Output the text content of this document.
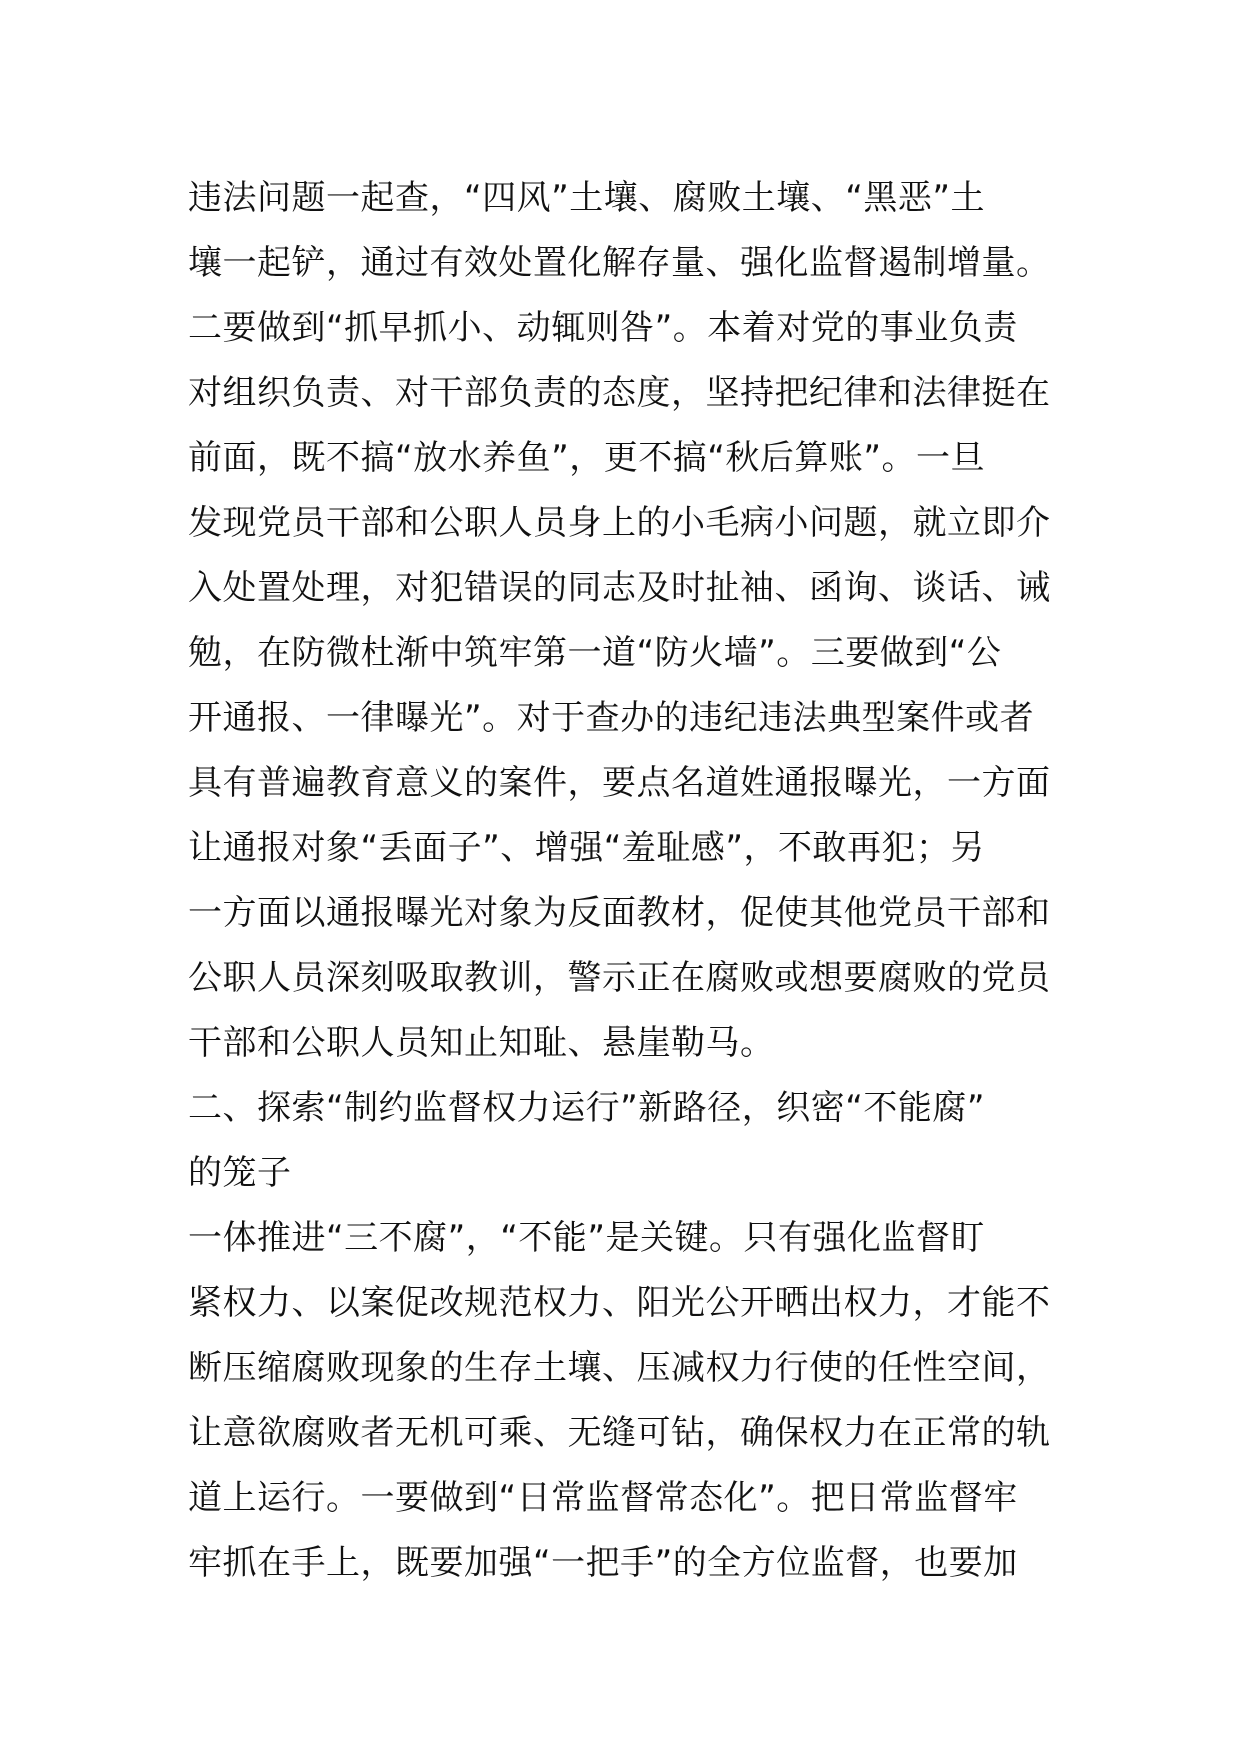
违法问题一起查，“四风”土壤、腐败土壤、“黑恶”土
壤一起铲，通过有效处置化解存量、强化监督遏制增量。
二要做到“抓早抓小、动辄则咎”。本着对党的事业负责
对组织负责、对干部负责的态度，坚持把纪律和法律挺在
前面，既不搞“放水养鱼”，更不搞“秋后算账”。一旦
发现党员干部和公职人员身上的小毛病小问题，就立即介
入处置处理，对犯错误的同志及时扯袖、函询、谈话、诫
勉，在防微杜渐中筑牢第一道“防火墙”。三要做到“公
开通报、一律曝光”。对于查办的违纪违法典型案件或者
具有普遍教育意义的案件，要点名道姓通报曝光，一方面
让通报对象“丢面子”、增强“羞耻感”，不敢再犯；另
一方面以通报曝光对象为反面教材，促使其他党员干部和
公职人员深刻吸取教训，警示正在腐败或想要腐败的党员
干部和公职人员知止知耻、悬崖勒马。
二、探索“制约监督权力运行”新路径，织密“不能腐”
的笼子
一体推进“三不腐”，“不能”是关键。只有强化监督盯
紧权力、以案促改规范权力、阳光公开晒出权力，才能不
断压缩腐败现象的生存土壤、压减权力行使的任性空间，
让意欲腐败者无机可乘、无缝可钻，确保权力在正常的轨
道上运行。一要做到“日常监督常态化”。把日常监督牢
牢抓在手上，既要加强“一把手”的全方位监督，也要加
